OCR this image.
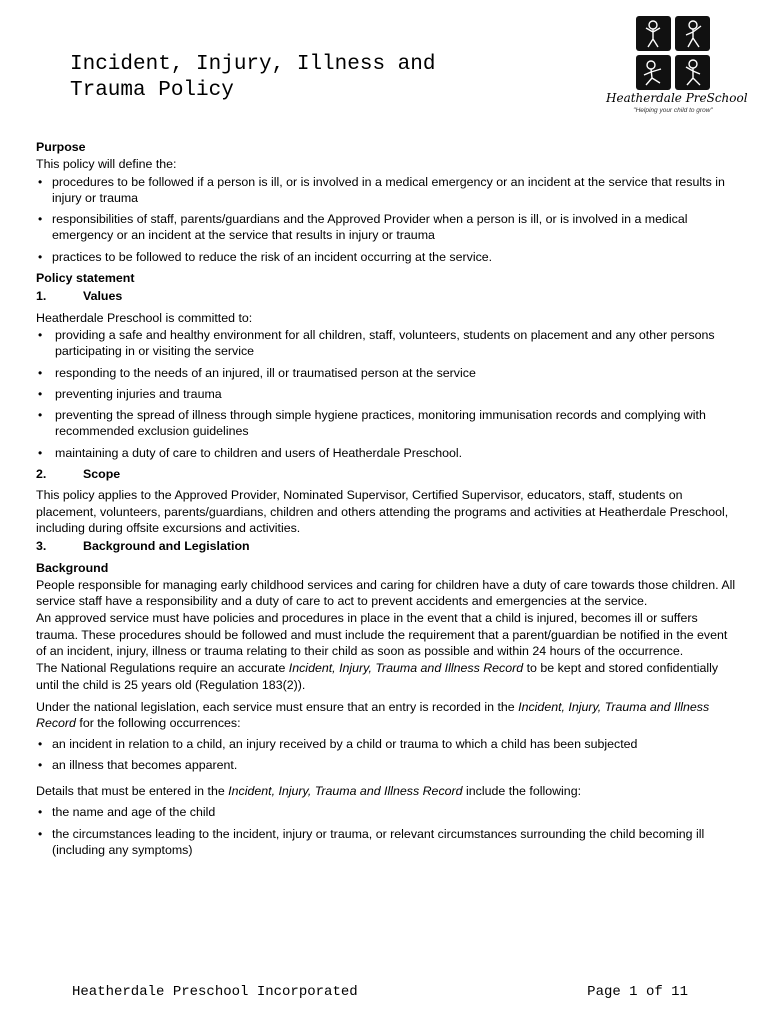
Incident, Injury, Illness and
Trauma Policy	Heatherdale PreSchool
"Helping your child to grow"

Purpose

This policy will define the:

• procedures to be followed if a person is ill, or is involved in a medical emergency or an incident at the service that results in injury or trauma
• responsibilities of staff, parents/guardians and the Approved Provider when a person is ill, or is involved in a medical emergency or an incident at the service that results in injury or trauma
• practices to be followed to reduce the risk of an incident occurring at the service.

Policy statement

1.	Values

Heatherdale Preschool is committed to:

• providing a safe and healthy environment for all children, staff, volunteers, students on placement and any other persons participating in or visiting the service
• responding to the needs of an injured, ill or traumatised person at the service
• preventing injuries and trauma
• preventing the spread of illness through simple hygiene practices, monitoring immunisation records and complying with recommended exclusion guidelines
• maintaining a duty of care to children and users of Heatherdale Preschool.
2.	Scope

This policy applies to the Approved Provider, Nominated Supervisor, Certified Supervisor, educators, staff, students on placement, volunteers, parents/guardians, children and others attending the programs and activities at Heatherdale Preschool, including during offsite excursions and activities.

3.	Background and Legislation

Background

People responsible for managing early childhood services and caring for children have a duty of care towards those children. All service staff have a responsibility and a duty of care to act to prevent accidents and emergencies at the service.

An approved service must have policies and procedures in place in the event that a child is injured, becomes ill or suffers trauma. These procedures should be followed and must include the requirement that a parent/guardian be notified in the event of an incident, injury, illness or trauma relating to their child as soon as possible and within 24 hours of the occurrence.

The National Regulations require an accurate Incident, Injury, Trauma and Illness Record to be kept and stored confidentially until the child is 25 years old (Regulation 183(2)).

Under the national legislation, each service must ensure that an entry is recorded in the Incident, Injury, Trauma and Illness Record for the following occurrences:

• an incident in relation to a child, an injury received by a child or trauma to which a child has been subjected
• an illness that becomes apparent.

Details that must be entered in the Incident, Injury, Trauma and Illness Record include the following:

• the name and age of the child
• the circumstances leading to the incident, injury or trauma, or relevant circumstances surrounding the child becoming ill (including any symptoms)
Heatherdale Preschool Incorporated	Page 1 of 11
